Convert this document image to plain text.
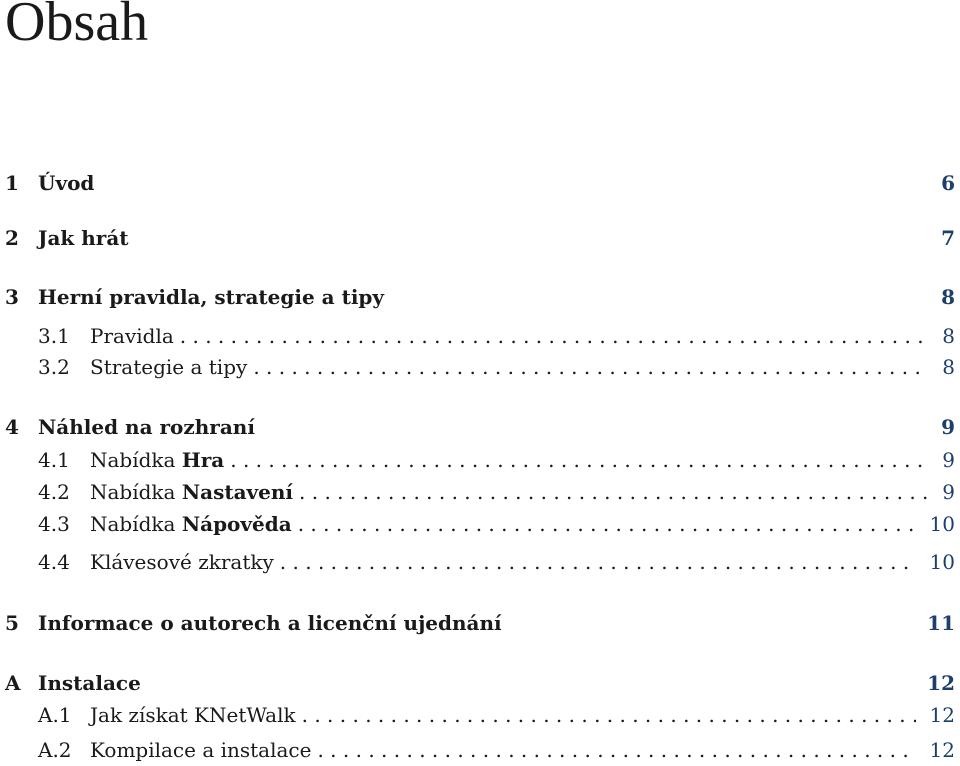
Obsah
1 Úvod	6
2 Jak hrát	7
3 Herní pravidla, strategie a tipy	8
3.1	Pravidla . . .	8
3.2	Strategie a tipy . . .	8
4 Náhled na rozhraní	9
4.1	Nabídka Hra . . .	9
4.2	Nabídka Nastavení . . .	9
4.3	Nabídka Nápověda . . .	10
4.4	Klávesové zkratky . . .	10
5 Informace o autorech a licenční ujednání	11
A Instalace	12
A.1 Jak získat KNetWalk . . .	12
A.2 Kompilace a instalace . . .	12
